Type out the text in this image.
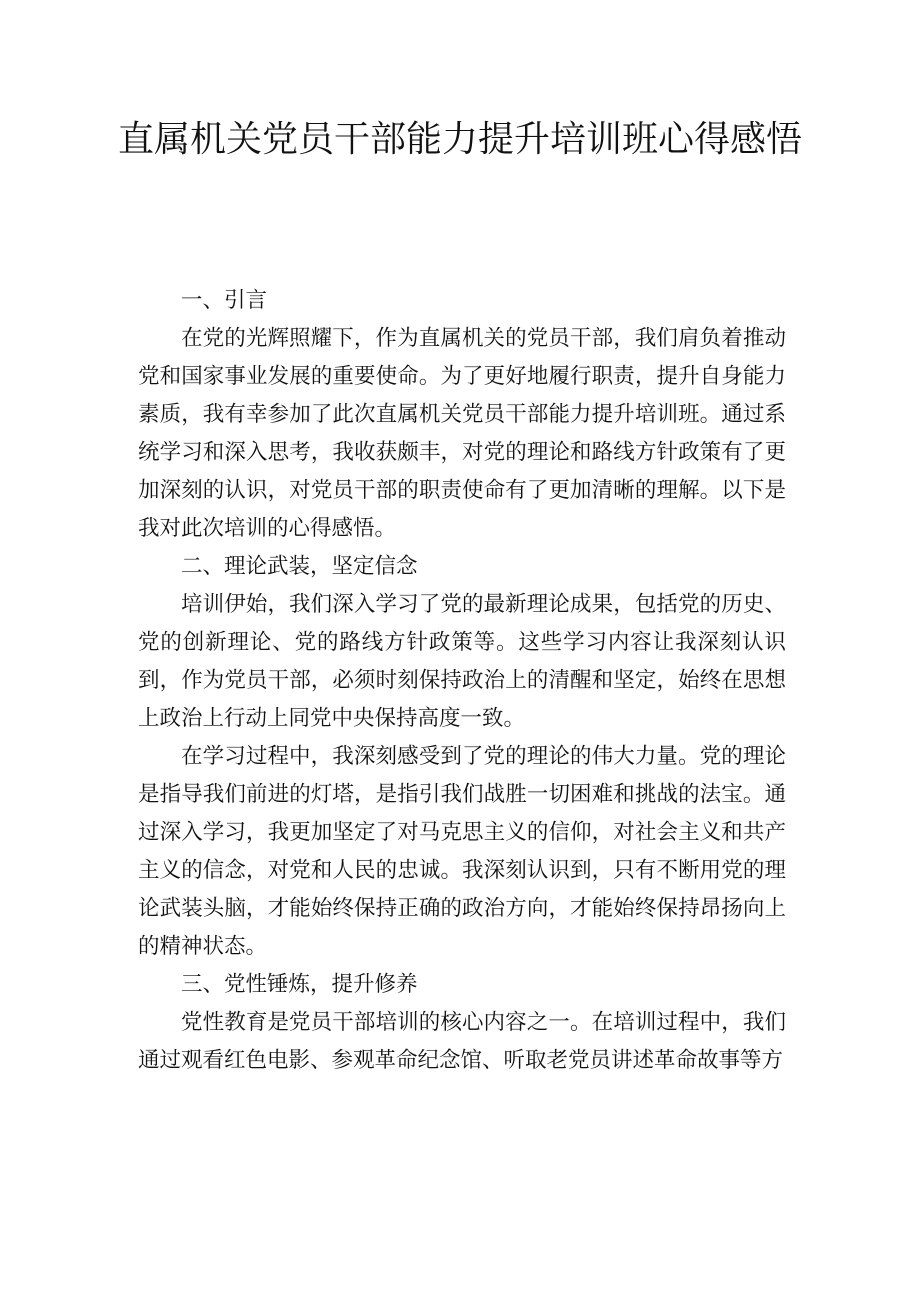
直属机关党员干部能力提升培训班心得感悟

一、引言

在党的光辉照耀下，作为直属机关的党员干部，我们肩负着推动党和国家事业发展的重要使命。为了更好地履行职责，提升自身能力素质，我有幸参加了此次直属机关党员干部能力提升培训班。通过系统学习和深入思考，我收获颇丰，对党的理论和路线方针政策有了更加深刻的认识，对党员干部的职责使命有了更加清晰的理解。以下是我对此次培训的心得感悟。

二、理论武装，坚定信念

培训伊始，我们深入学习了党的最新理论成果，包括党的历史、党的创新理论、党的路线方针政策等。这些学习内容让我深刻认识到，作为党员干部，必须时刻保持政治上的清醒和坚定，始终在思想上政治上行动上同党中央保持高度一致。

在学习过程中，我深刻感受到了党的理论的伟大力量。党的理论是指导我们前进的灯塔，是指引我们战胜一切困难和挑战的法宝。通过深入学习，我更加坚定了对马克思主义的信仰，对社会主义和共产主义的信念，对党和人民的忠诚。我深刻认识到，只有不断用党的理论武装头脑，才能始终保持正确的政治方向，才能始终保持昂扬向上的精神状态。

三、党性锤炼，提升修养

党性教育是党员干部培训的核心内容之一。在培训过程中，我们通过观看红色电影、参观革命纪念馆、听取老党员讲述革命故事等方
